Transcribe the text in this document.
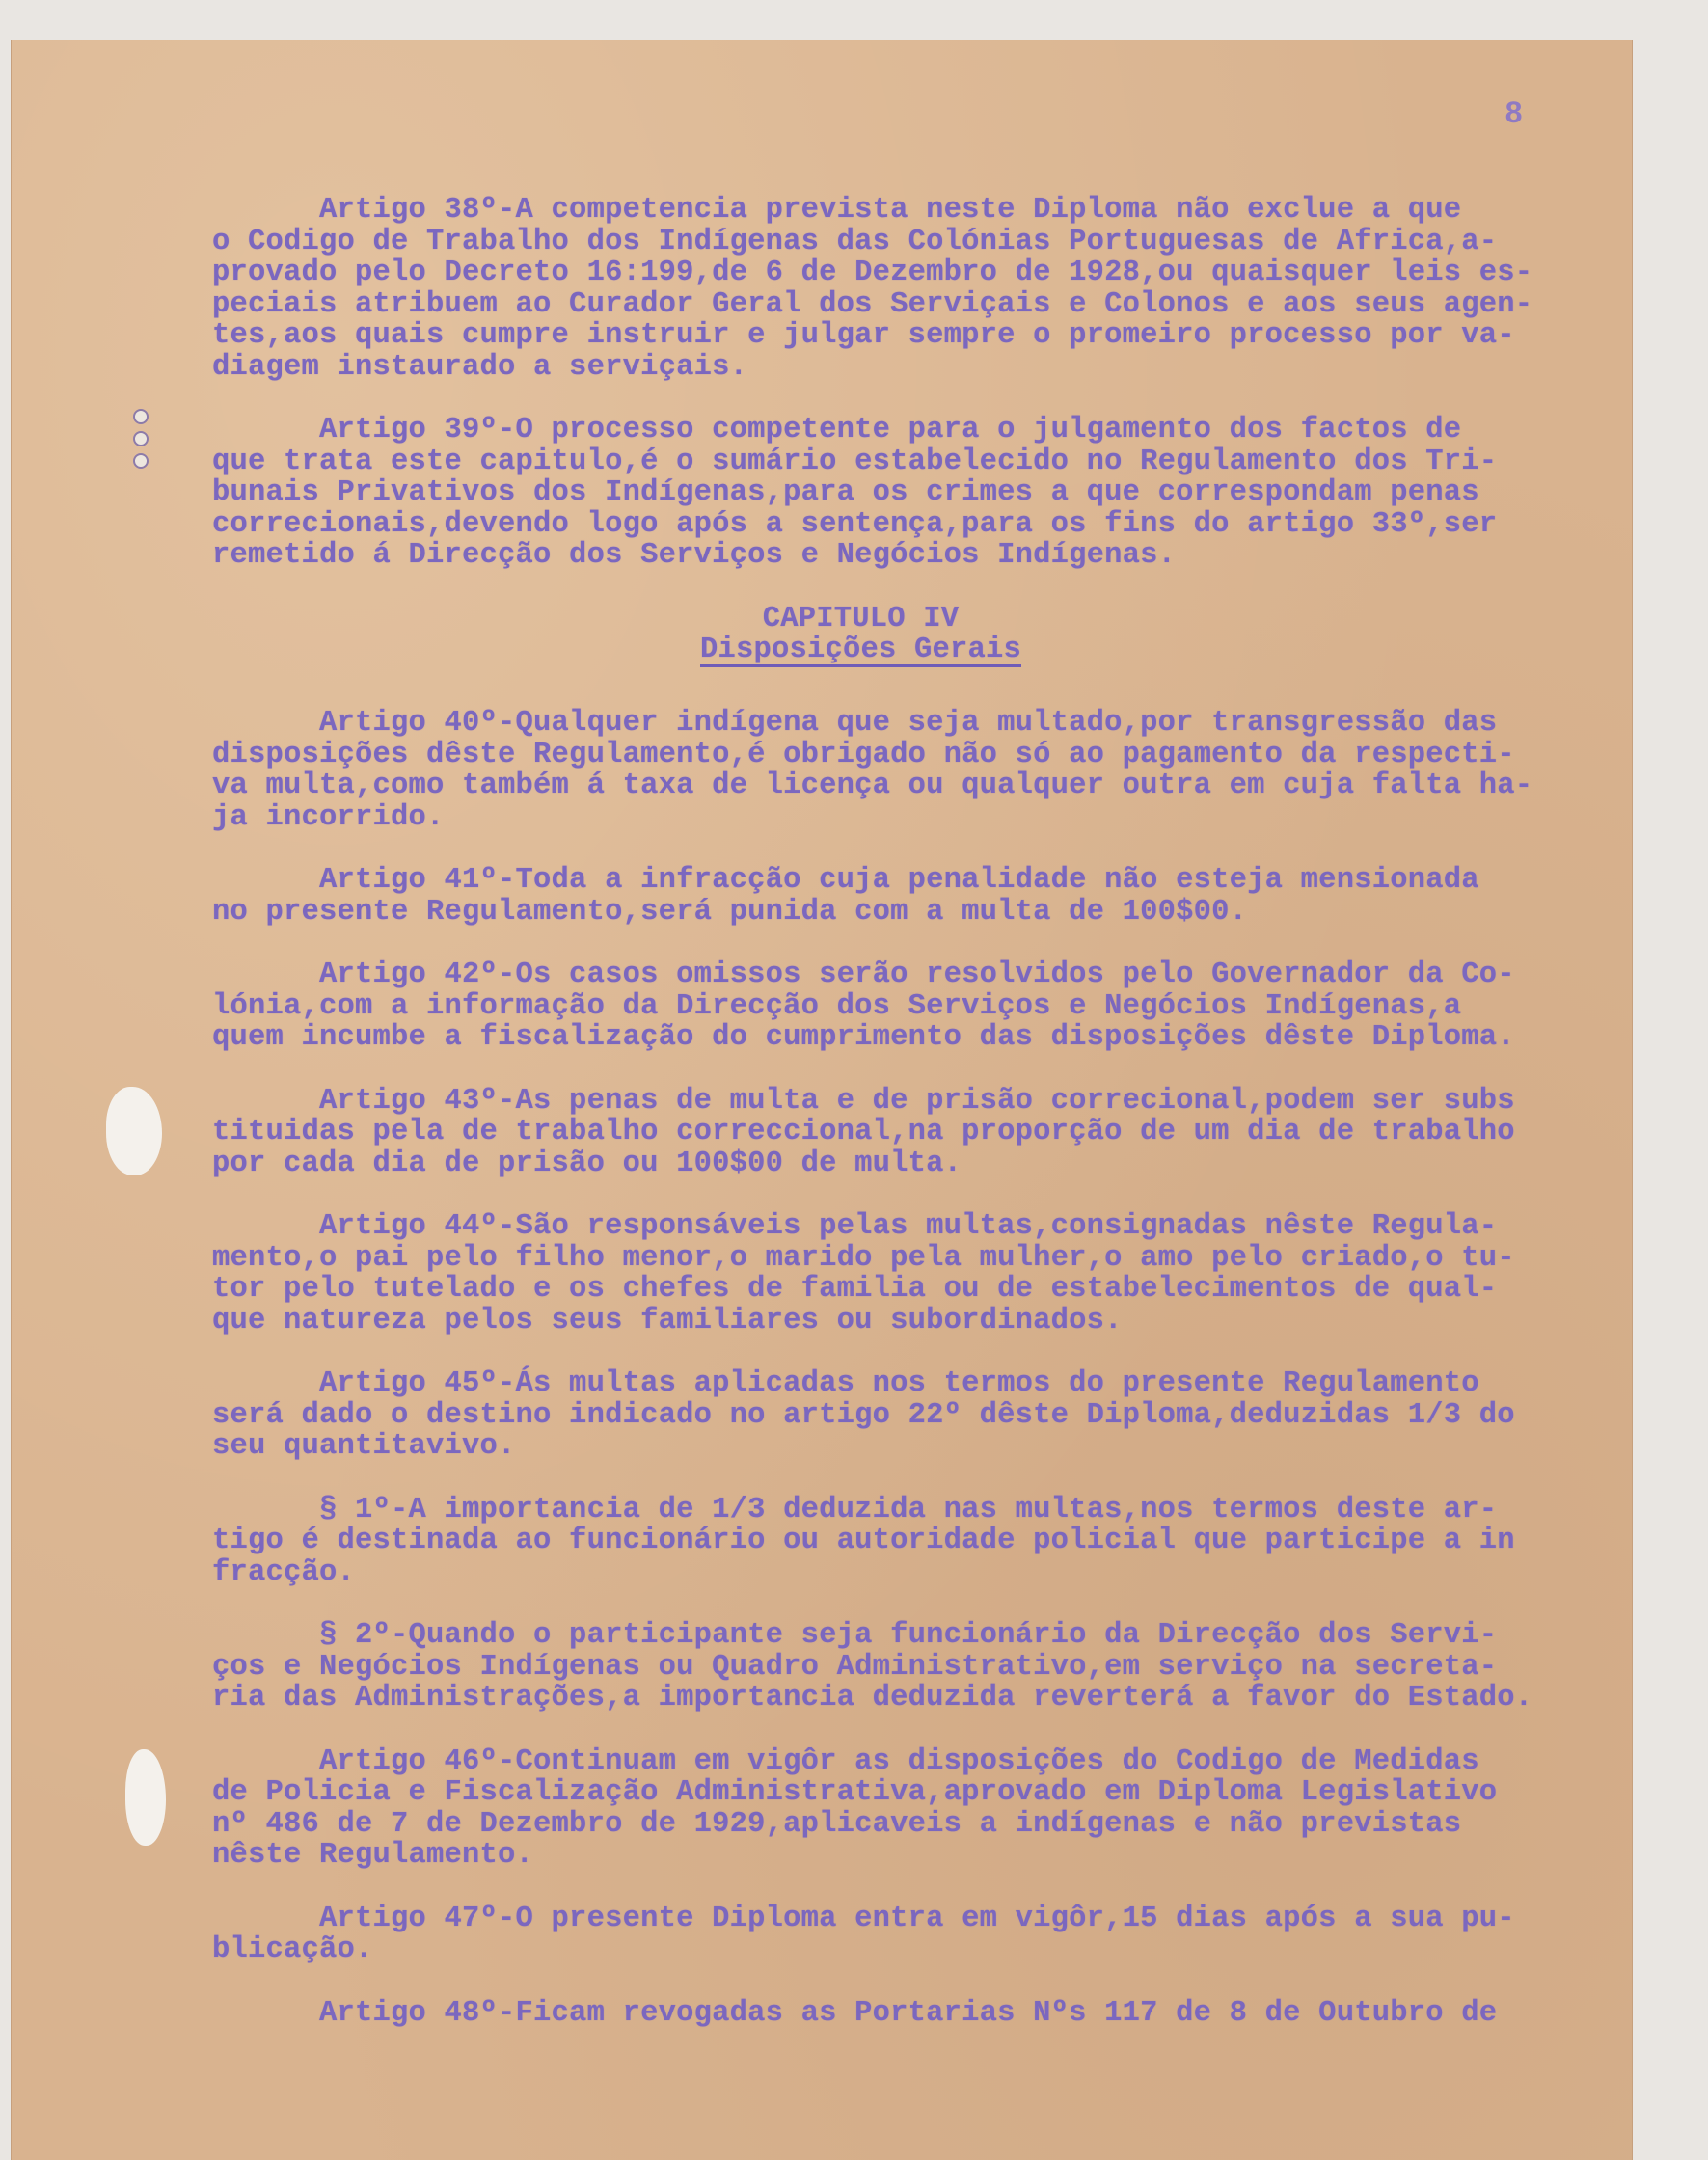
8

Artigo 38º-A competencia prevista neste Diploma não exclue a que
o Codigo de Trabalho dos Indígenas das Colónias Portuguesas de Africa,a-
provado pelo Decreto 16:199,de 6 de Dezembro de 1928,ou quaisquer leis es-
peciais atribuem ao Curador Geral dos Serviçais e Colonos e aos seus agen-
tes,aos quais cumpre instruir e julgar sempre o promeiro processo por va-
diagem instaurado a serviçais.

Artigo 39º-O processo competente para o julgamento dos factos de
que trata este capitulo,é o sumário estabelecido no Regulamento dos Tri-
bunais Privativos dos Indígenas,para os crimes a que correspondam penas
correcionais,devendo logo após a sentença,para os fins do artigo 33º,ser
remetido á Direcção dos Serviços e Negócios Indígenas.

CAPITULO IV
Disposições Gerais

Artigo 40º-Qualquer indígena que seja multado,por transgressão das
disposições dêste Regulamento,é obrigado não só ao pagamento da respecti-
va multa,como também á taxa de licença ou qualquer outra em cuja falta ha-
ja incorrido.

Artigo 41º-Toda a infracção cuja penalidade não esteja mensionada
no presente Regulamento,será punida com a multa de 100$00.

Artigo 42º-Os casos omissos serão resolvidos pelo Governador da Co-
lónia,com a informação da Direcção dos Serviços e Negócios Indígenas,a
quem incumbe a fiscalização do cumprimento das disposições dêste Diploma.

Artigo 43º-As penas de multa e de prisão correcional,podem ser subs
tituidas pela de trabalho correccional,na proporção de um dia de trabalho
por cada dia de prisão ou 100$00 de multa.

Artigo 44º-São responsáveis pelas multas,consignadas nêste Regula-
mento,o pai pelo filho menor,o marido pela mulher,o amo pelo criado,o tu-
tor pelo tutelado e os chefes de familia ou de estabelecimentos de qual-
que natureza pelos seus familiares ou subordinados.

Artigo 45º-Ás multas aplicadas nos termos do presente Regulamento
será dado o destino indicado no artigo 22º dêste Diploma,deduzidas 1/3 do
seu quantitavivo.

§ 1º-A importancia de 1/3 deduzida nas multas,nos termos deste ar-
tigo é destinada ao funcionário ou autoridade policial que participe a in
fracção.

§ 2º-Quando o participante seja funcionário da Direcção dos Servi-
ços e Negócios Indígenas ou Quadro Administrativo,em serviço na secreta-
ria das Administrações,a importancia deduzida reverterá a favor do Estado.

Artigo 46º-Continuam em vigôr as disposições do Codigo de Medidas
de Policia e Fiscalização Administrativa,aprovado em Diploma Legislativo
nº 486 de 7 de Dezembro de 1929,aplicaveis a indígenas e não previstas
nêste Regulamento.

Artigo 47º-O presente Diploma entra em vigôr,15 dias após a sua pu-
blicação.

Artigo 48º-Ficam revogadas as Portarias Nºs 117 de 8 de Outubro de
